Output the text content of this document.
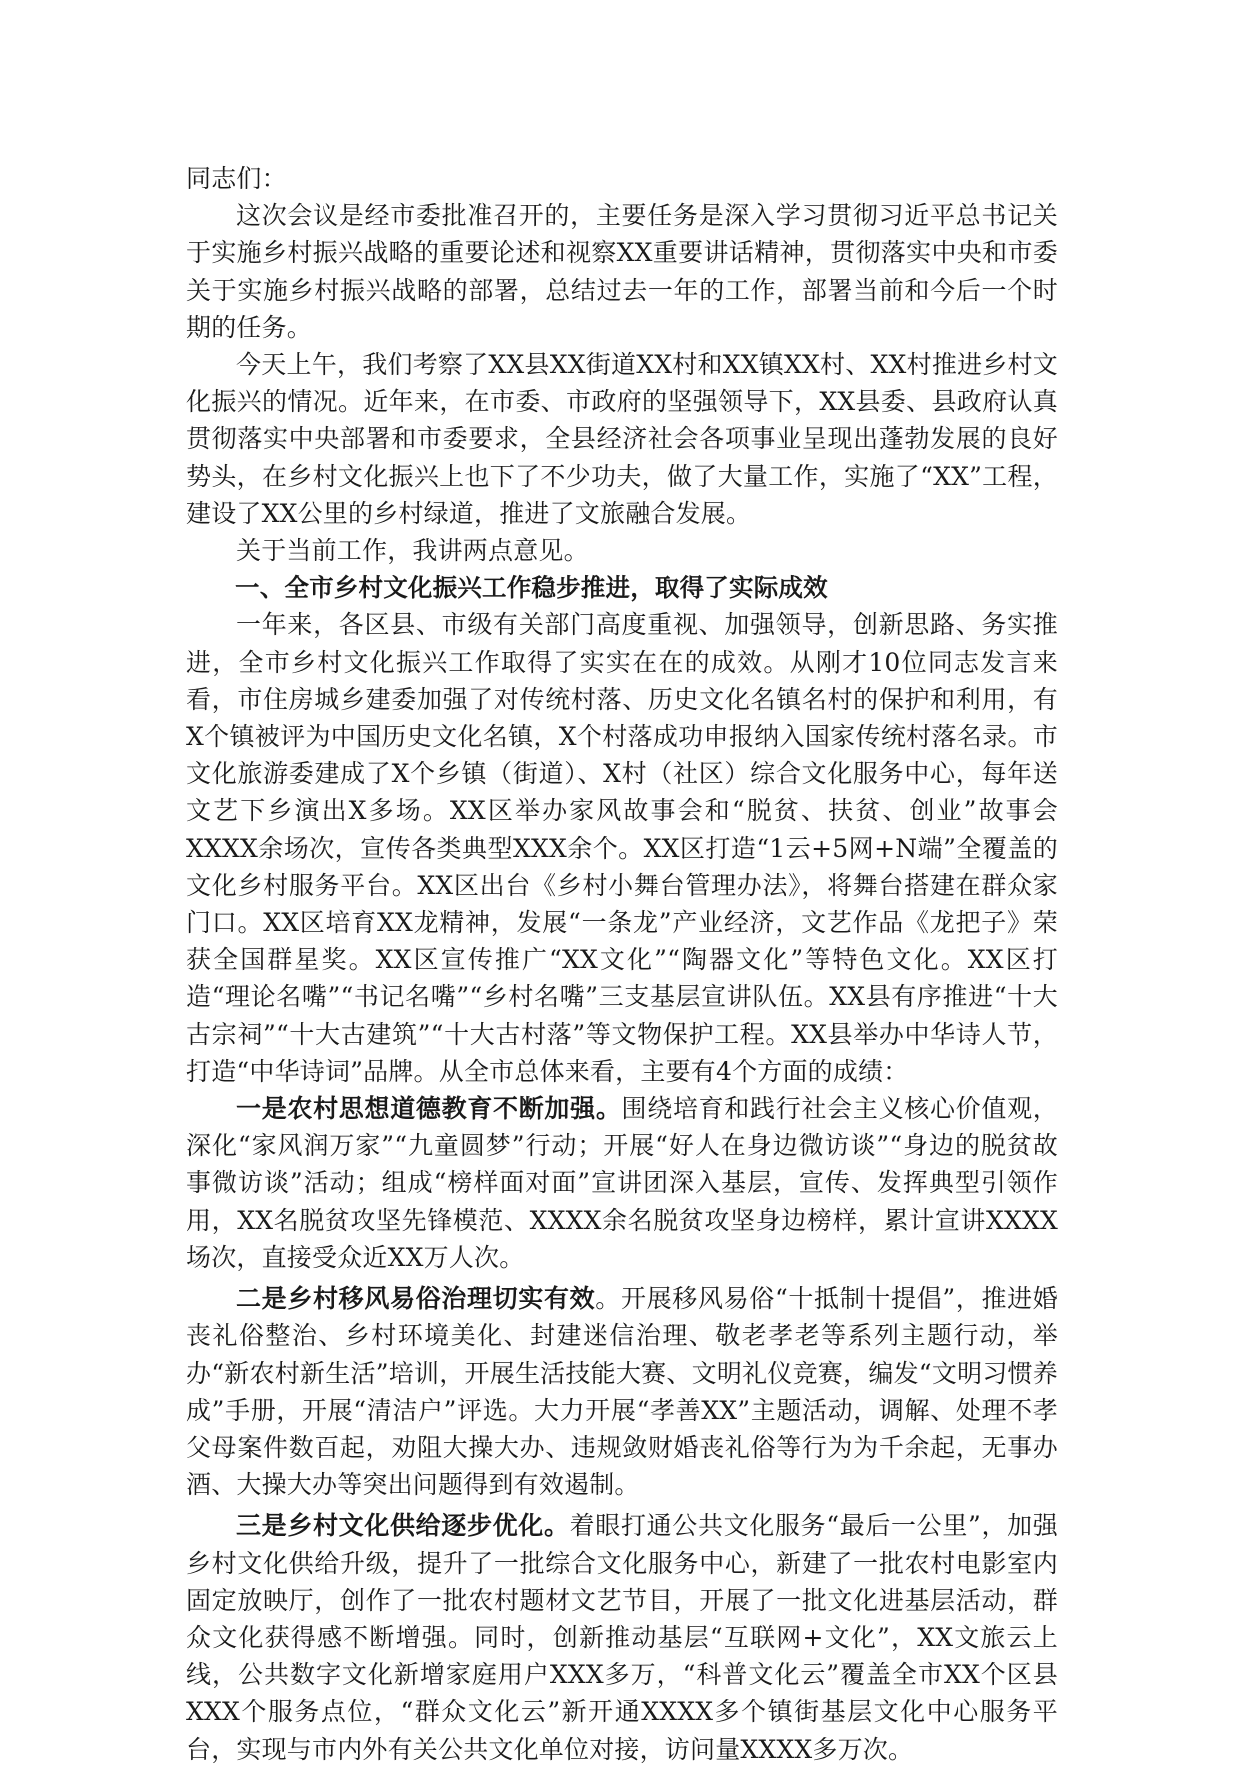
同志们：

这次会议是经市委批准召开的，主要任务是深入学习贯彻习近平总书记关于实施乡村振兴战略的重要论述和视察XX重要讲话精神，贯彻落实中央和市委关于实施乡村振兴战略的部署，总结过去一年的工作，部署当前和今后一个时期的任务。

今天上午，我们考察了XX县XX街道XX村和XX镇XX村、XX村推进乡村文化振兴的情况。近年来，在市委、市政府的坚强领导下，XX县委、县政府认真贯彻落实中央部署和市委要求，全县经济社会各项事业呈现出蓬勃发展的良好势头，在乡村文化振兴上也下了不少功夫，做了大量工作，实施了“XX”工程，建设了XX公里的乡村绿道，推进了文旅融合发展。

关于当前工作，我讲两点意见。

一、全市乡村文化振兴工作稳步推进，取得了实际成效

一年来，各区县、市级有关部门高度重视、加强领导，创新思路、务实推进，全市乡村文化振兴工作取得了实实在在的成效。从刚才10位同志发言来看，市住房城乡建委加强了对传统村落、历史文化名镇名村的保护和利用，有X个镇被评为中国历史文化名镇，X个村落成功申报纳入国家传统村落名录。市文化旅游委建成了X个乡镇（街道）、X村（社区）综合文化服务中心，每年送文艺下乡演出X多场。XX区举办家风故事会和“脱贫、扶贫、创业”故事会XXXX余场次，宣传各类典型XXX余个。XX区打造“1云+5网+N端”全覆盖的文化乡村服务平台。XX区出台《乡村小舞台管理办法》，将舞台搭建在群众家门口。XX区培育XX龙精神，发展“一条龙”产业经济，文艺作品《龙把子》荣获全国群星奖。XX区宣传推广“XX文化”“陶器文化”等特色文化。XX区打造“理论名嘴”“书记名嘴”“乡村名嘴”三支基层宣讲队伍。XX县有序推进“十大古宗祠”“十大古建筑”“十大古村落”等文物保护工程。XX县举办中华诗人节，打造“中华诗词”品牌。从全市总体来看，主要有4个方面的成绩：

一是农村思想道德教育不断加强。围绕培育和践行社会主义核心价值观，深化“家风润万家”“九童圆梦”行动；开展“好人在身边微访谈”“身边的脱贫故事微访谈”活动；组成“榜样面对面”宣讲团深入基层，宣传、发挥典型引领作用，XX名脱贫攻坚先锋模范、XXXX余名脱贫攻坚身边榜样，累计宣讲XXXX场次，直接受众近XX万人次。

二是乡村移风易俗治理切实有效。开展移风易俗“十抵制十提倡”，推进婚丧礼俗整治、乡村环境美化、封建迷信治理、敬老孝老等系列主题行动，举办“新农村新生活”培训，开展生活技能大赛、文明礼仪竞赛，编发“文明习惯养成”手册，开展“清洁户”评选。大力开展“孝善XX”主题活动，调解、处理不孝父母案件数百起，劝阻大操大办、违规敛财婚丧礼俗等行为为千余起，无事办酒、大操大办等突出问题得到有效遏制。

三是乡村文化供给逐步优化。着眼打通公共文化服务“最后一公里”，加强乡村文化供给升级，提升了一批综合文化服务中心，新建了一批农村电影室内固定放映厅，创作了一批农村题材文艺节目，开展了一批文化进基层活动，群众文化获得感不断增强。同时，创新推动基层“互联网+文化”，XX文旅云上线，公共数字文化新增家庭用户XXX多万，“科普文化云”覆盖全市XX个区县XXX个服务点位，“群众文化云”新开通XXXX多个镇街基层文化中心服务平台，实现与市内外有关公共文化单位对接，访问量XXXX多万次。
